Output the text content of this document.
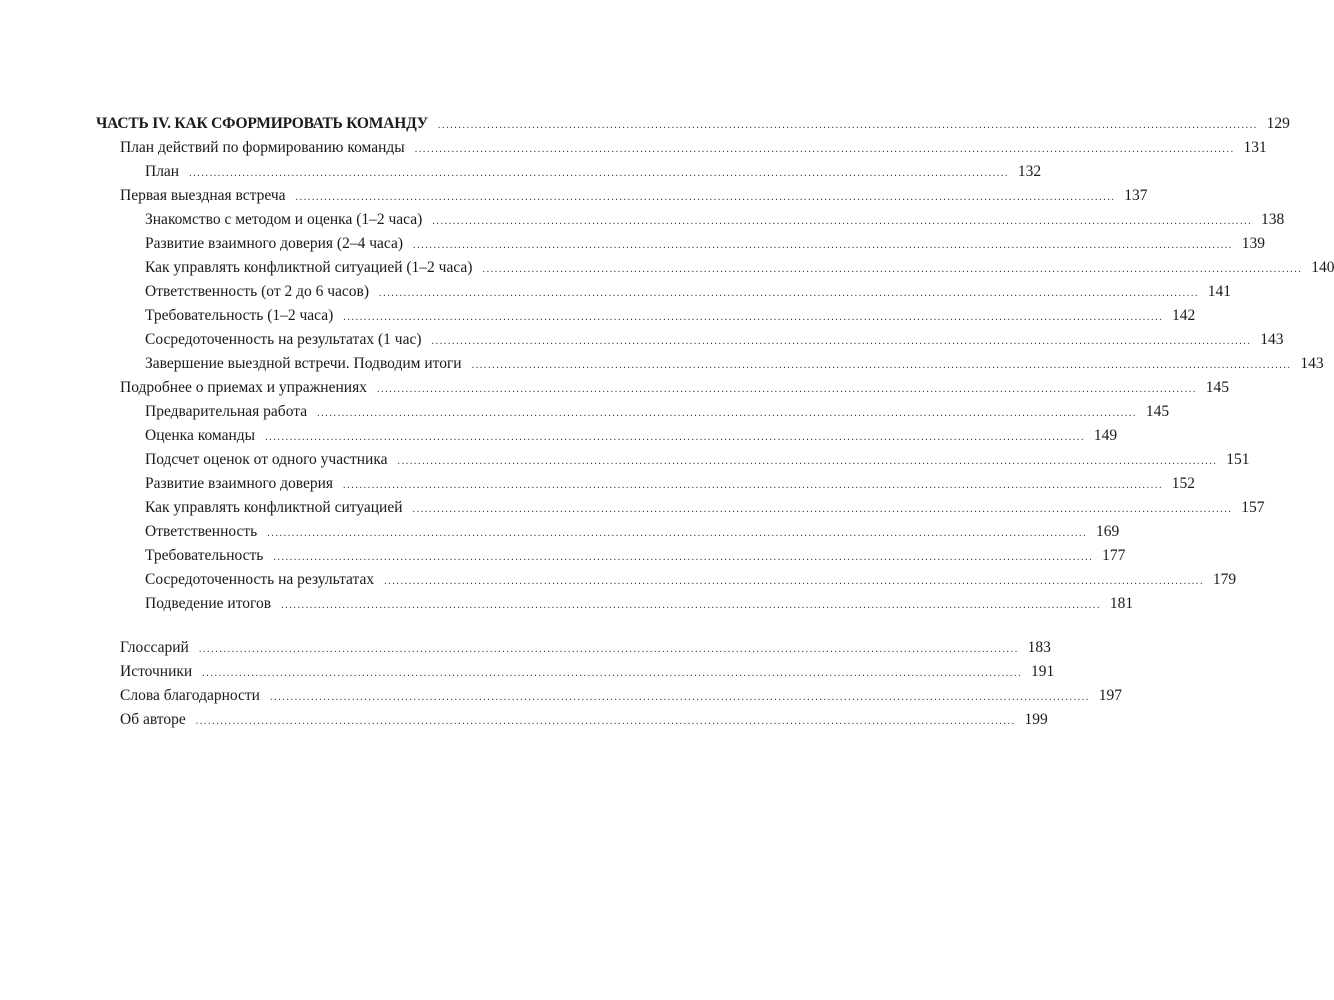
ЧАСТЬ IV. КАК СФОРМИРОВАТЬ КОМАНДУ ........................................................................................................................................................................................................ 129
План действий по формированию команды ........................................................................................................................................................................................................ 131
План ........................................................................................................................................................................................................ 132
Первая выездная встреча ........................................................................................................................................................................................................ 137
Знакомство с методом и оценка (1–2 часа) ........................................................................................................................................................................................................ 138
Развитие взаимного доверия (2–4 часа) ........................................................................................................................................................................................................ 139
Как управлять конфликтной ситуацией (1–2 часа) ........................................................................................................................................................................................................ 140
Ответственность (от 2 до 6 часов) ........................................................................................................................................................................................................ 141
Требовательность (1–2 часа) ........................................................................................................................................................................................................ 142
Сосредоточенность на результатах (1 час) ........................................................................................................................................................................................................ 143
Завершение выездной встречи. Подводим итоги ........................................................................................................................................................................................................ 143
Подробнее о приемах и упражнениях ........................................................................................................................................................................................................ 145
Предварительная работа ........................................................................................................................................................................................................ 145
Оценка команды ........................................................................................................................................................................................................ 149
Подсчет оценок от одного участника ........................................................................................................................................................................................................ 151
Развитие взаимного доверия ........................................................................................................................................................................................................ 152
Как управлять конфликтной ситуацией ........................................................................................................................................................................................................ 157
Ответственность ........................................................................................................................................................................................................ 169
Требовательность ........................................................................................................................................................................................................ 177
Сосредоточенность на результатах ........................................................................................................................................................................................................ 179
Подведение итогов ........................................................................................................................................................................................................ 181
Глоссарий ........................................................................................................................................................................................................ 183
Источники ........................................................................................................................................................................................................ 191
Слова благодарности ........................................................................................................................................................................................................ 197
Об авторе ........................................................................................................................................................................................................ 199
